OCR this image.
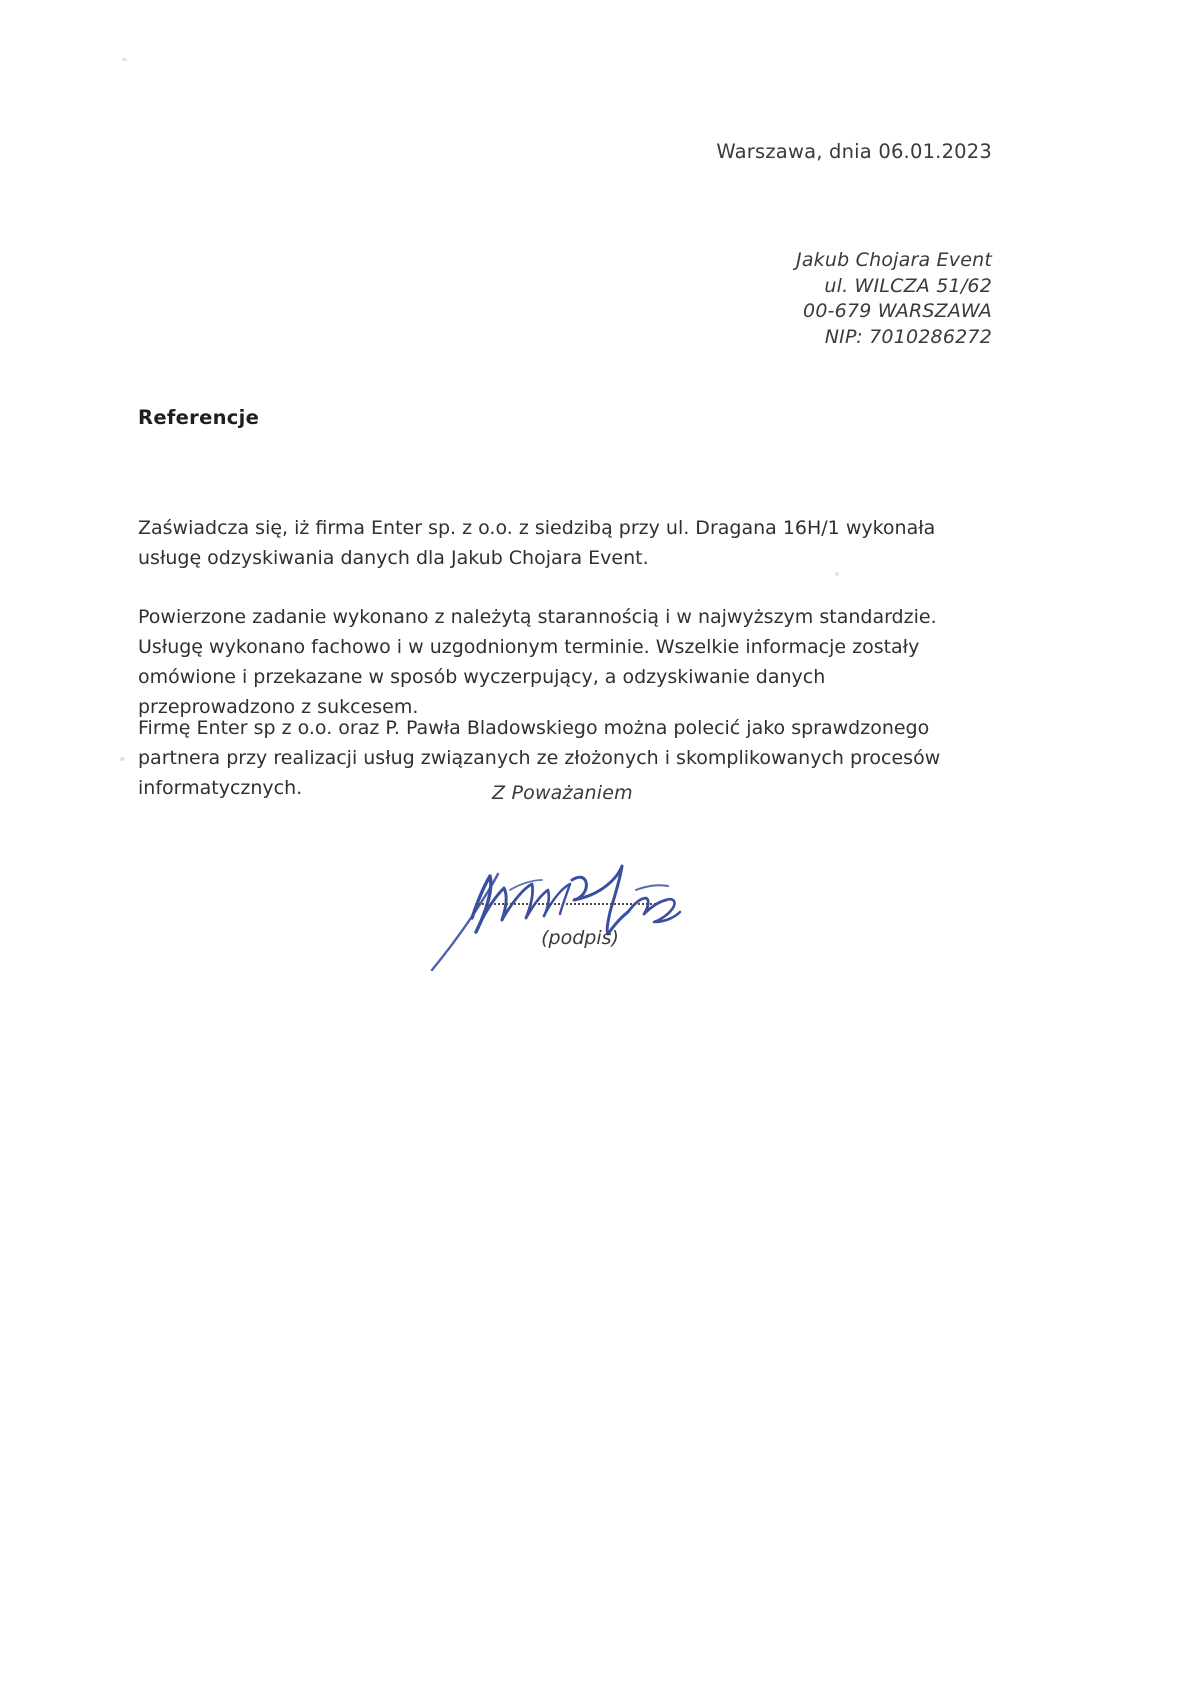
Warszawa, dnia 06.01.2023
Jakub Chojara Event
ul. WILCZA 51/62
00-679 WARSZAWA
NIP: 7010286272
Referencje
Zaświadcza się, iż firma Enter sp. z o.o. z siedzibą przy ul. Dragana 16H/1 wykonała usługę odzyskiwania danych dla Jakub Chojara Event.
Powierzone zadanie wykonano z należytą starannością i w najwyższym standardzie. Usługę wykonano fachowo i w uzgodnionym terminie. Wszelkie informacje zostały omówione i przekazane w sposób wyczerpujący, a odzyskiwanie danych przeprowadzono z sukcesem.
Firmę Enter sp z o.o. oraz P. Pawła Bladowskiego można polecić jako sprawdzonego partnera przy realizacji usług związanych ze złożonych i skomplikowanych procesów informatycznych.	Z Poważaniem
(podpis)
